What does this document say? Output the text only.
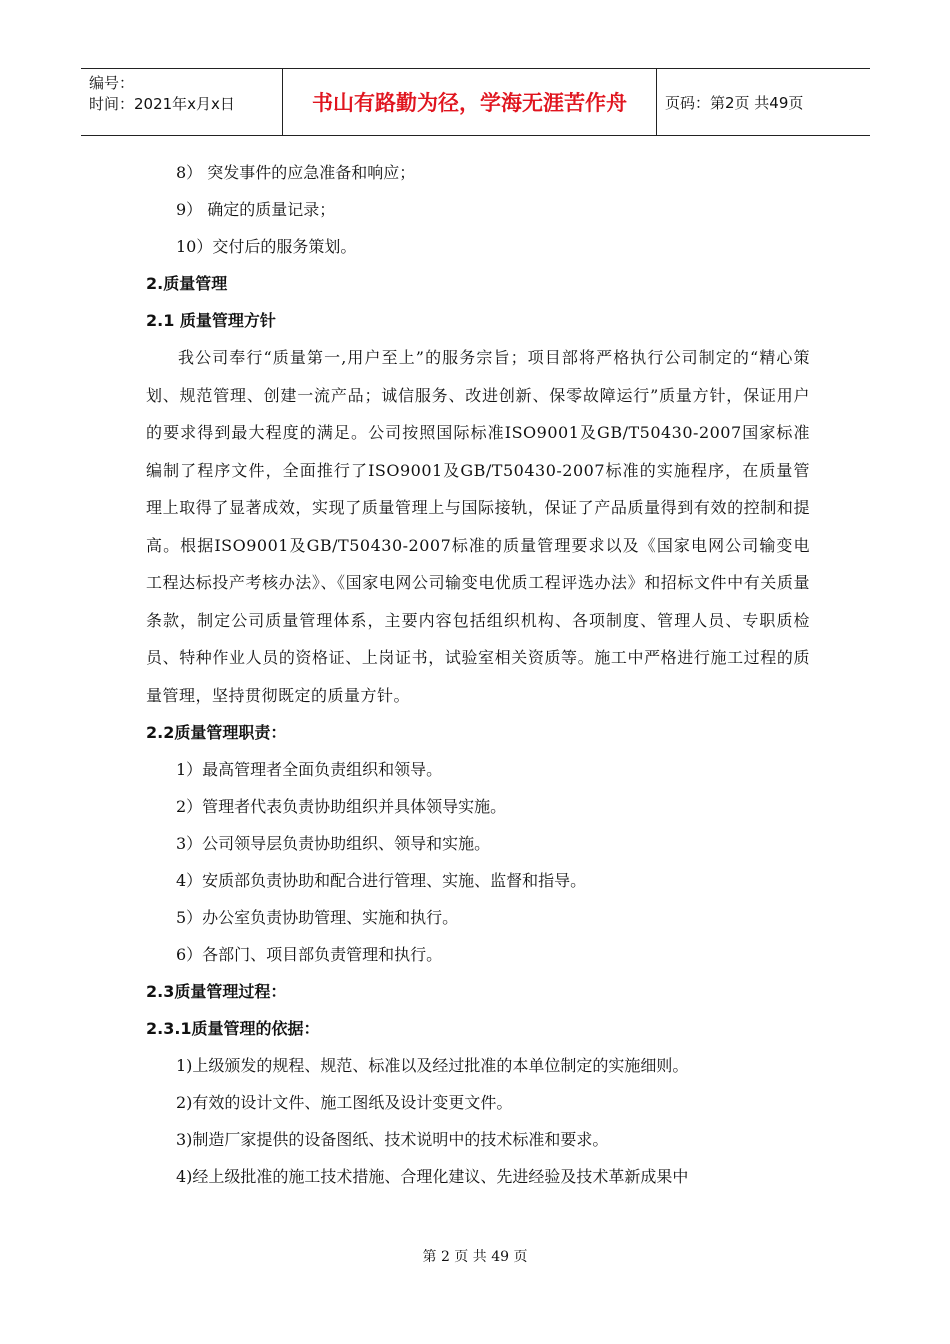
编号：
时间：2021年x月x日	书山有路勤为径，学海无涯苦作舟	页码：第2页 共49页
8） 突发事件的应急准备和响应；
9） 确定的质量记录；
10）交付后的服务策划。
2.质量管理
2.1 质量管理方针
我公司奉行“质量第一,用户至上”的服务宗旨；项目部将严格执行公司制定的“精心策划、规范管理、创建一流产品；诚信服务、改进创新、保零故障运行”质量方针，保证用户的要求得到最大程度的满足。公司按照国际标准ISO9001及GB/T50430-2007国家标准编制了程序文件，全面推行了ISO9001及GB/T50430-2007标准的实施程序，在质量管理上取得了显著成效，实现了质量管理上与国际接轨，保证了产品质量得到有效的控制和提高。根据ISO9001及GB/T50430-2007标准的质量管理要求以及《国家电网公司输变电工程达标投产考核办法》、《国家电网公司输变电优质工程评选办法》和招标文件中有关质量条款，制定公司质量管理体系，主要内容包括组织机构、各项制度、管理人员、专职质检员、特种作业人员的资格证、上岗证书，试验室相关资质等。施工中严格进行施工过程的质量管理，坚持贯彻既定的质量方针。
2.2质量管理职责：
1）最高管理者全面负责组织和领导。
2）管理者代表负责协助组织并具体领导实施。
3）公司领导层负责协助组织、领导和实施。
4）安质部负责协助和配合进行管理、实施、监督和指导。
5）办公室负责协助管理、实施和执行。
6）各部门、项目部负责管理和执行。
2.3质量管理过程：
2.3.1质量管理的依据：
1)上级颁发的规程、规范、标准以及经过批准的本单位制定的实施细则。
2)有效的设计文件、施工图纸及设计变更文件。
3)制造厂家提供的设备图纸、技术说明中的技术标准和要求。
4)经上级批准的施工技术措施、合理化建议、先进经验及技术革新成果中
第 2 页 共 49 页
